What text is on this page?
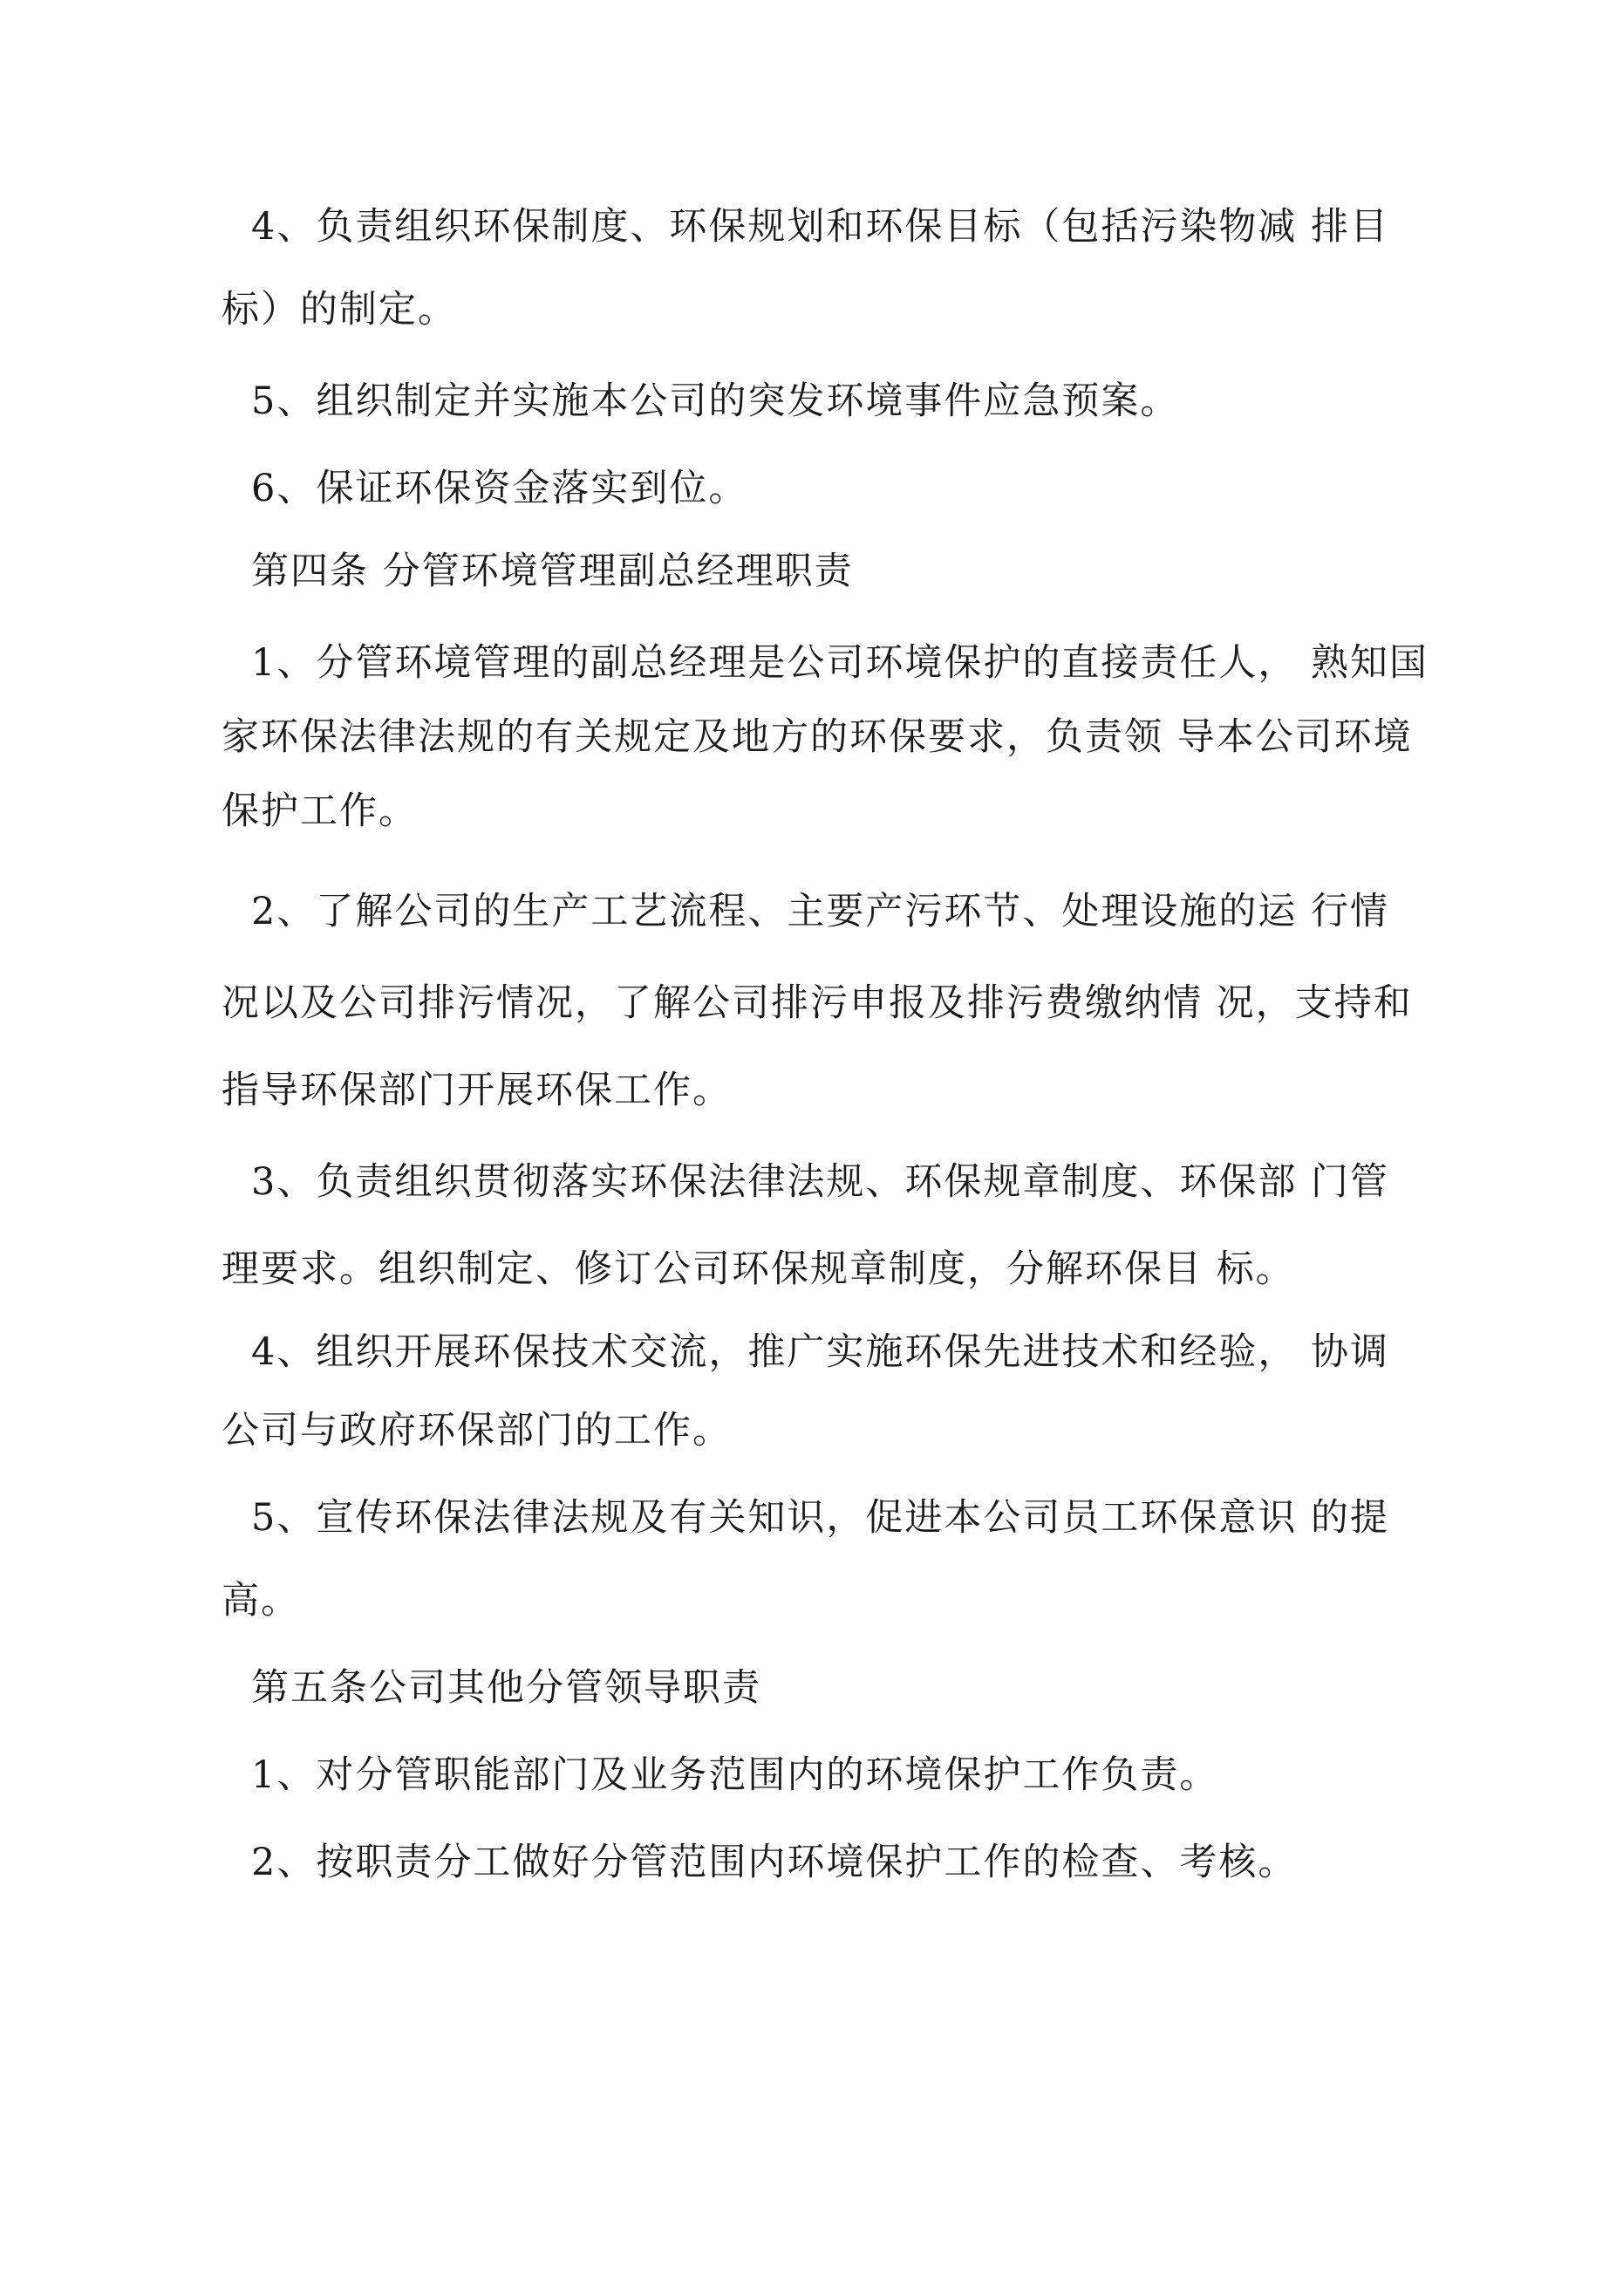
4、负责组织环保制度、环保规划和环保目标（包括污染物减 排目
标）的制定。
5、组织制定并实施本公司的突发环境事件应急预案。
6、保证环保资金落实到位。
第四条 分管环境管理副总经理职责
1、分管环境管理的副总经理是公司环境保护的直接责任人， 熟知国
家环保法律法规的有关规定及地方的环保要求，负责领 导本公司环境
保护工作。
2、了解公司的生产工艺流程、主要产污环节、处理设施的运 行情
况以及公司排污情况，了解公司排污申报及排污费缴纳情 况，支持和
指导环保部门开展环保工作。
3、负责组织贯彻落实环保法律法规、环保规章制度、环保部 门管
理要求。组织制定、修订公司环保规章制度，分解环保目 标。
4、组织开展环保技术交流，推广实施环保先进技术和经验， 协调
公司与政府环保部门的工作。
5、宣传环保法律法规及有关知识，促进本公司员工环保意识 的提
高。
第五条公司其他分管领导职责
1、对分管职能部门及业务范围内的环境保护工作负责。
2、按职责分工做好分管范围内环境保护工作的检查、考核。
